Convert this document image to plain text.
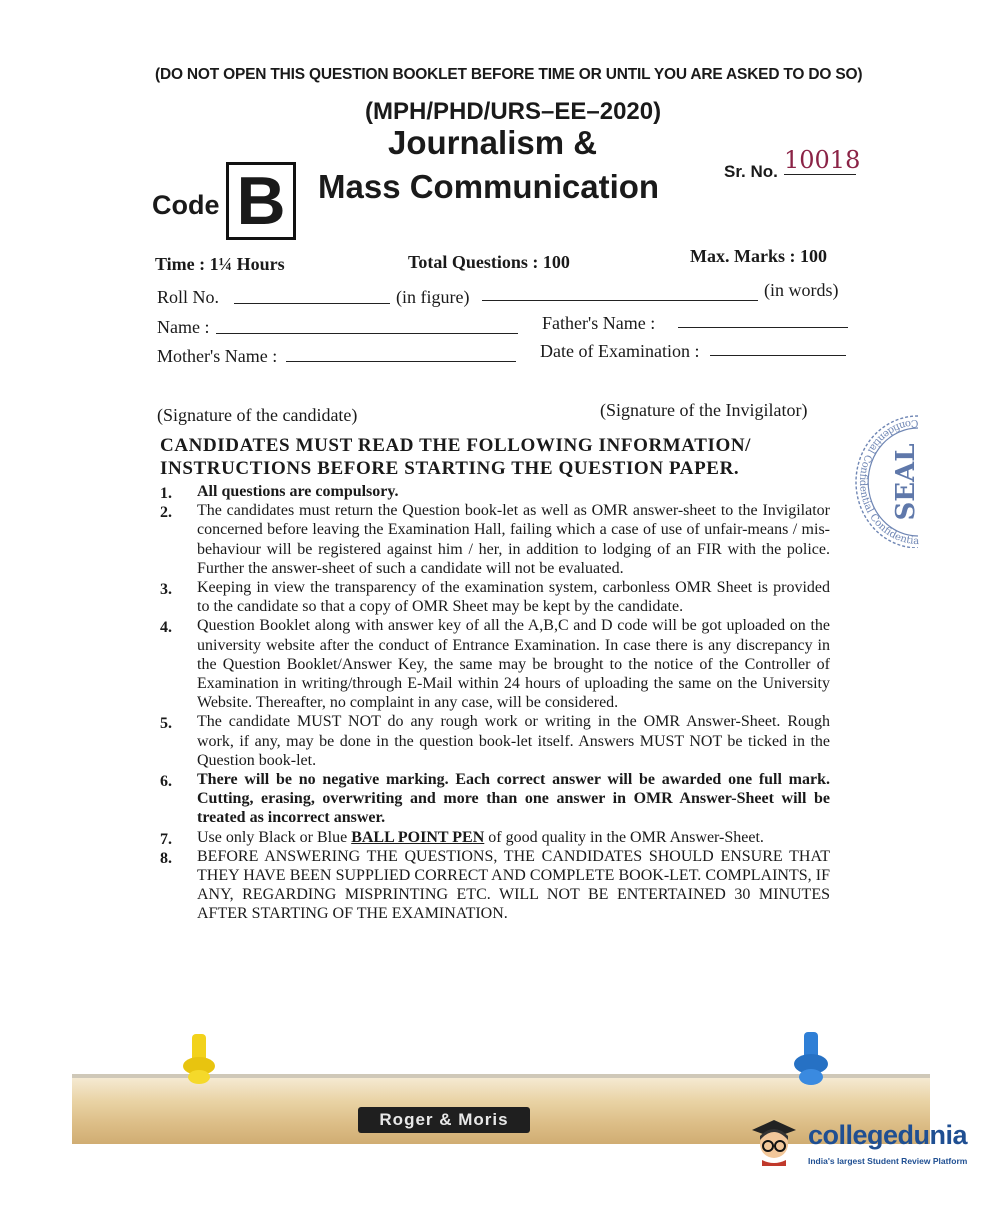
(DO NOT OPEN THIS QUESTION BOOKLET BEFORE TIME OR UNTIL YOU ARE ASKED TO DO SO)
(MPH/PHD/URS–EE–2020)
Journalism &
Mass Communication
Code B	Sr. No. 10018
Time : 1¼ Hours	Total Questions : 100	Max. Marks : 100
Roll No.	(in figure)	(in words)
Name :	Father's Name :
Mother's Name :	Date of Examination :
(Signature of the candidate)	(Signature of the Invigilator)
Confidential Confidential Confidential
SEAL
CANDIDATES MUST READ THE FOLLOWING INFORMATION/
INSTRUCTIONS BEFORE STARTING THE QUESTION PAPER.
1. All questions are compulsory.
2. The candidates must return the Question book-let as well as OMR answer-sheet to the Invigilator concerned before leaving the Examination Hall, failing which a case of use of unfair-means / mis-behaviour will be registered against him / her, in addition to lodging of an FIR with the police. Further the answer-sheet of such a candidate will not be evaluated.
3. Keeping in view the transparency of the examination system, carbonless OMR Sheet is provided to the candidate so that a copy of OMR Sheet may be kept by the candidate.
4. Question Booklet along with answer key of all the A,B,C and D code will be got uploaded on the university website after the conduct of Entrance Examination. In case there is any discrepancy in the Question Booklet/Answer Key, the same may be brought to the notice of the Controller of Examination in writing/through E-Mail within 24 hours of uploading the same on the University Website. Thereafter, no complaint in any case, will be considered.
5. The candidate MUST NOT do any rough work or writing in the OMR Answer-Sheet. Rough work, if any, may be done in the question book-let itself. Answers MUST NOT be ticked in the Question book-let.
6. There will be no negative marking. Each correct answer will be awarded one full mark. Cutting, erasing, overwriting and more than one answer in OMR Answer-Sheet will be treated as incorrect answer.
7. Use only Black or Blue BALL POINT PEN of good quality in the OMR Answer-Sheet.
8. BEFORE ANSWERING THE QUESTIONS, THE CANDIDATES SHOULD ENSURE THAT THEY HAVE BEEN SUPPLIED CORRECT AND COMPLETE BOOK-LET. COMPLAINTS, IF ANY, REGARDING MISPRINTING ETC. WILL NOT BE ENTERTAINED 30 MINUTES AFTER STARTING OF THE EXAMINATION.
Roger & Moris
collegedunia
India's largest Student Review Platform
